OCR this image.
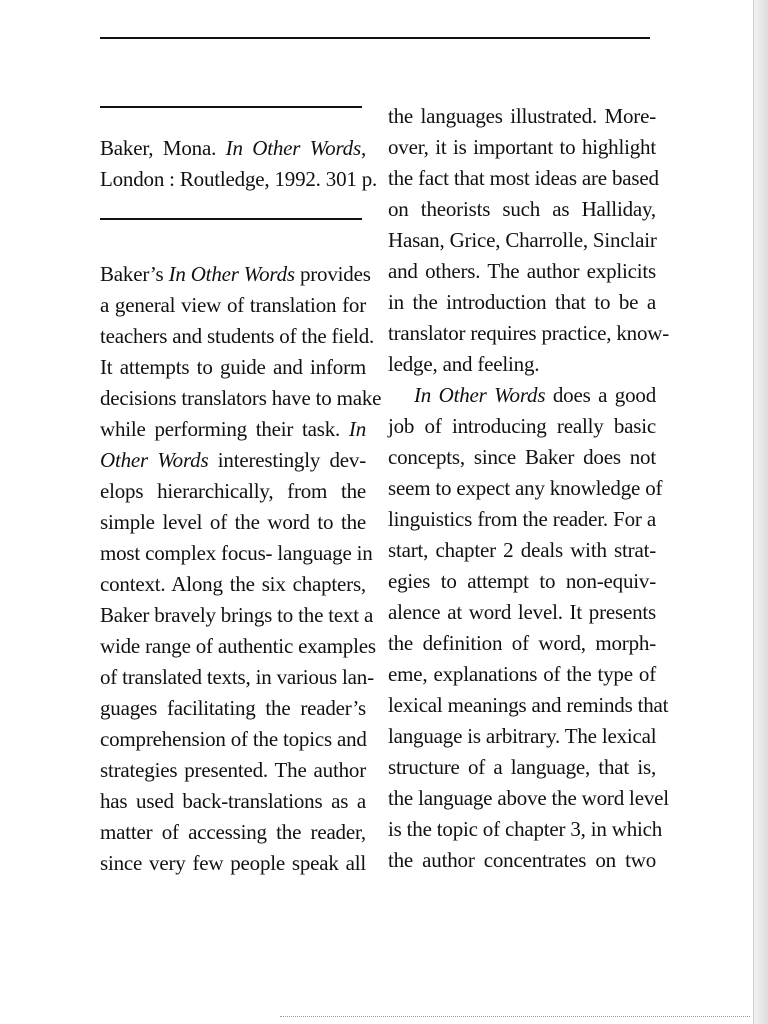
Baker, Mona. In Other Words,
London : Routledge, 1992. 301 p.
Baker’s In Other Words provides
a general view of translation for
teachers and students of the field.
It attempts to guide and inform
decisions translators have to make
while performing their task. In
Other Words interestingly dev-
elops hierarchically, from the
simple level of the word to the
most complex focus- language in
context. Along the six chapters,
Baker bravely brings to the text a
wide range of authentic examples
of translated texts, in various lan-
guages facilitating the reader’s
comprehension of the topics and
strategies presented. The author
has used back-translations as a
matter of accessing the reader,
since very few people speak all
the languages illustrated. More-
over, it is important to highlight
the fact that most ideas are based
on theorists such as Halliday,
Hasan, Grice, Charrolle, Sinclair
and others. The author explicits
in the introduction that to be a
translator requires practice, know-
ledge, and feeling.
In Other Words does a good
job of introducing really basic
concepts, since Baker does not
seem to expect any knowledge of
linguistics from the reader. For a
start, chapter 2 deals with strat-
egies to attempt to non-equiv-
alence at word level. It presents
the definition of word, morph-
eme, explanations of the type of
lexical meanings and reminds that
language is arbitrary. The lexical
structure of a language, that is,
the language above the word level
is the topic of chapter 3, in which
the author concentrates on two
